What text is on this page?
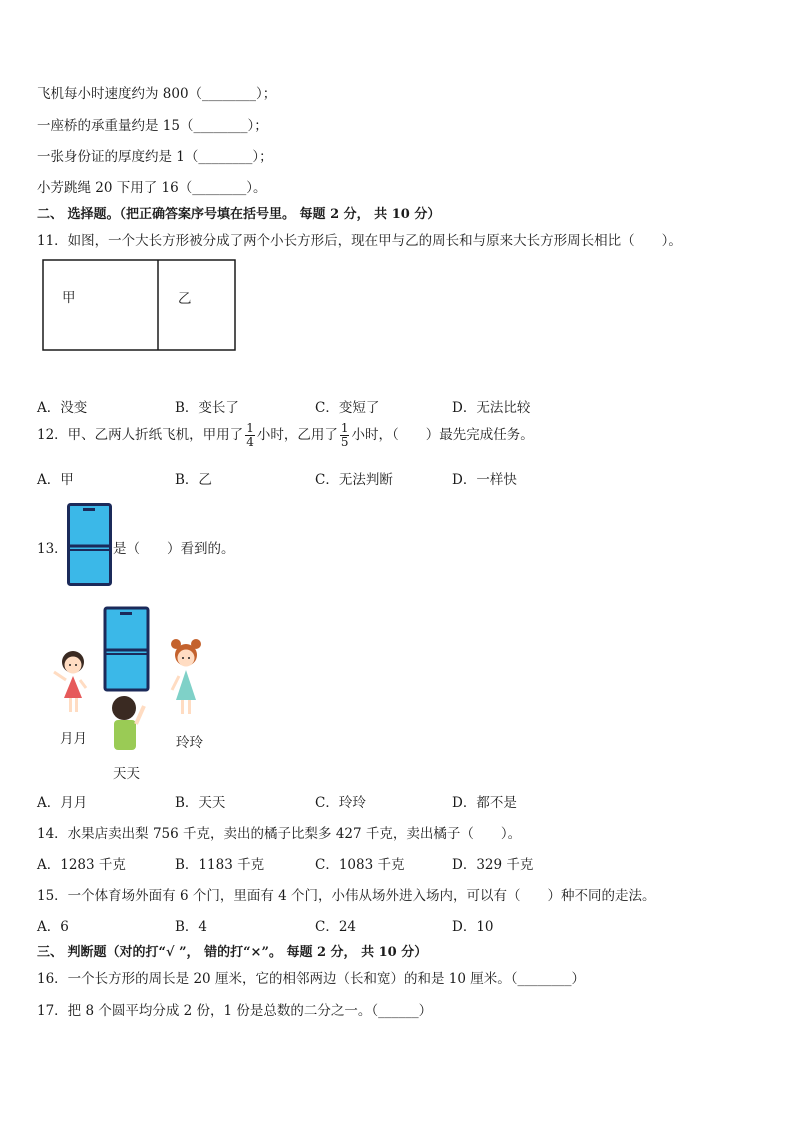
飞机每小时速度约为 800（________）；
一座桥的承重量约是 15（________）；
一张身份证的厚度约是 1（________）；
小芳跳绳 20 下用了 16（________）。
二、 选择题。（把正确答案序号填在括号里。 每题 2 分， 共 10 分）
11．如图，一个大长方形被分成了两个小长方形后，现在甲与乙的周长和与原来大长方形周长相比（　　）。
甲	乙
A．没变	B．变长了	C．变短了	D．无法比较
12．甲、乙两人折纸飞机，甲用了 $\frac{1}{4}$ 小时，乙用了 $\frac{1}{5}$ 小时，（　　）最先完成任务。
A．甲	B．乙	C．无法判断	D．一样快
13．	是（　　）看到的。
月月
天天
玲玲
A．月月	B．天天	C．玲玲	D．都不是
14．水果店卖出梨 756 千克，卖出的橘子比梨多 427 千克，卖出橘子（　　）。
A．1283 千克	B．1183 千克	C．1083 千克	D．329 千克
15．一个体育场外面有 6 个门，里面有 4 个门，小伟从场外进入场内，可以有（　　）种不同的走法。
A．6	B．4	C．24	D．10
三、 判断题（对的打“√ ”， 错的打“×”。 每题 2 分， 共 10 分）
16．一个长方形的周长是 20 厘米，它的相邻两边（长和宽）的和是 10 厘米。（________）
17．把 8 个圆平均分成 2 份，1 份是总数的二分之一。（______）
